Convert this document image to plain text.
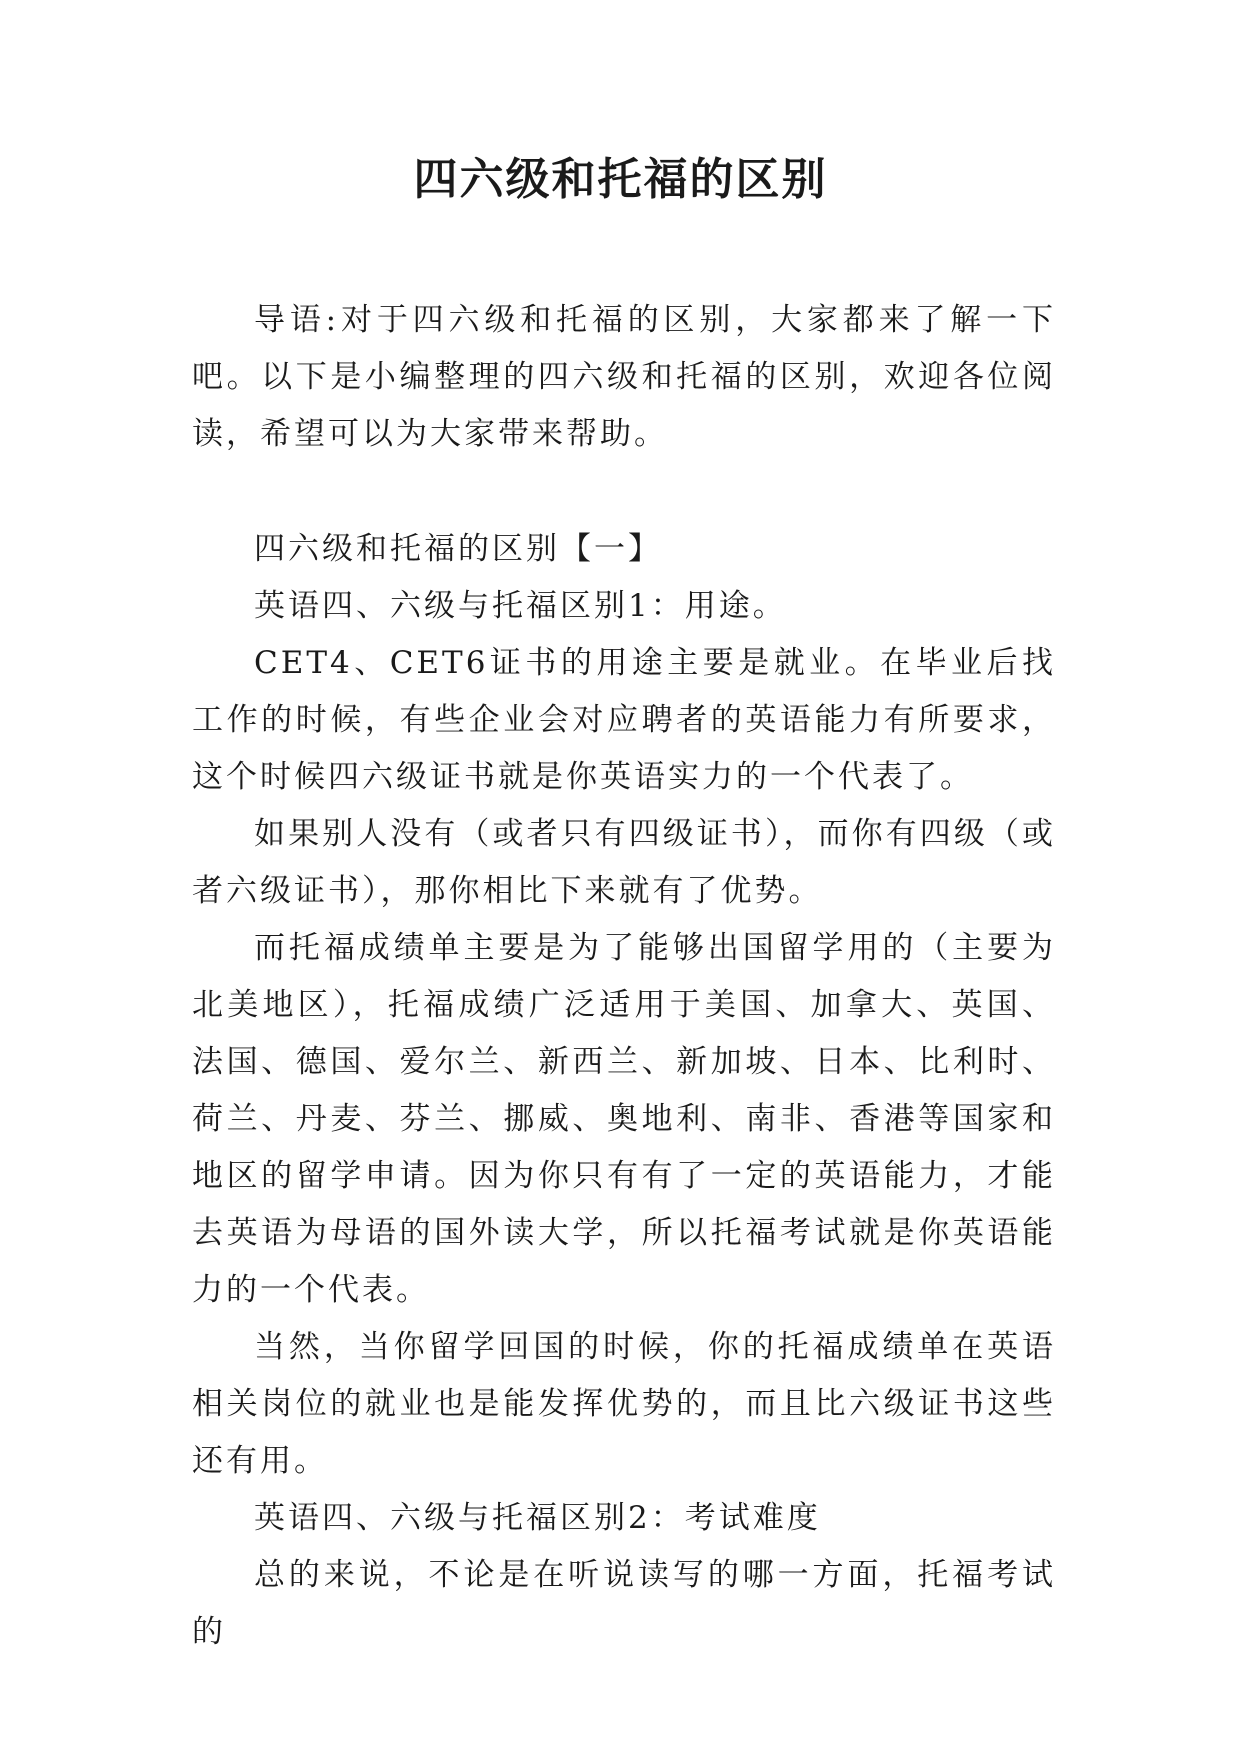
四六级和托福的区别

导语:对于四六级和托福的区别，大家都来了解一下吧。以下是小编整理的四六级和托福的区别，欢迎各位阅读，希望可以为大家带来帮助。

四六级和托福的区别【一】

英语四、六级与托福区别1：用途。

CET4、CET6证书的用途主要是就业。在毕业后找工作的时候，有些企业会对应聘者的英语能力有所要求，这个时候四六级证书就是你英语实力的一个代表了。

如果别人没有（或者只有四级证书），而你有四级（或者六级证书），那你相比下来就有了优势。

而托福成绩单主要是为了能够出国留学用的（主要为北美地区），托福成绩广泛适用于美国、加拿大、英国、法国、德国、爱尔兰、新西兰、新加坡、日本、比利时、荷兰、丹麦、芬兰、挪威、奥地利、南非、香港等国家和地区的留学申请。因为你只有有了一定的英语能力，才能去英语为母语的国外读大学，所以托福考试就是你英语能力的一个代表。

当然，当你留学回国的时候，你的托福成绩单在英语相关岗位的就业也是能发挥优势的，而且比六级证书这些还有用。

英语四、六级与托福区别2：考试难度

总的来说，不论是在听说读写的哪一方面，托福考试的
